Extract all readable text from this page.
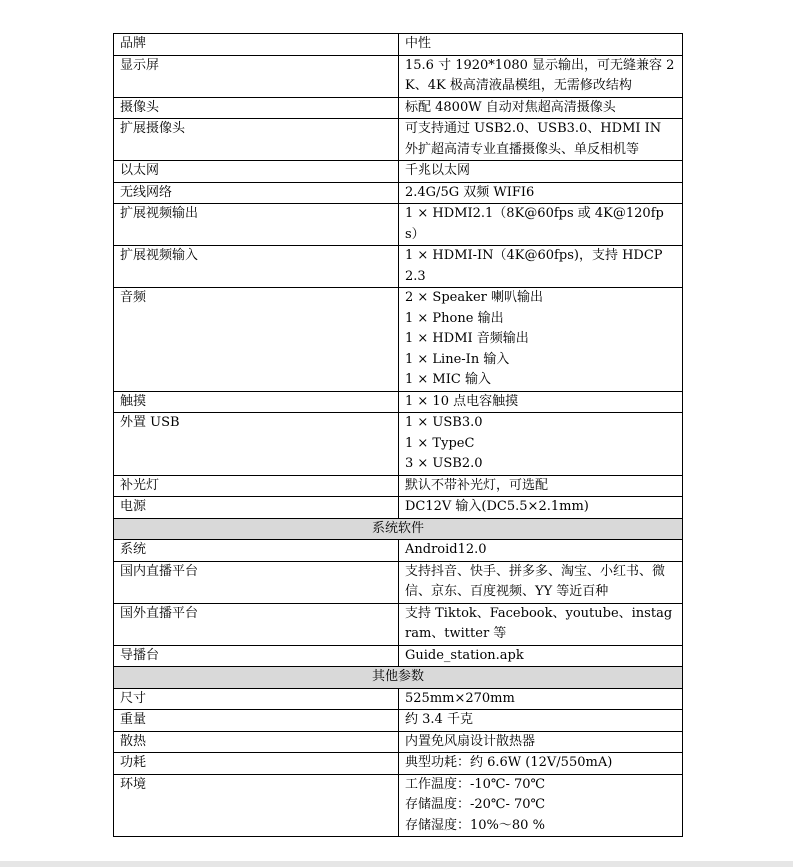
品牌	中性

显示屏	15.6 寸 1920*1080 显示输出，可无缝兼容 2K、4K 极高清液晶模组，无需修改结构

摄像头	标配 4800W 自动对焦超高清摄像头

扩展摄像头	可支持通过 USB2.0、USB3.0、HDMI IN 外扩超高清专业直播摄像头、单反相机等

以太网	千兆以太网

无线网络	2.4G/5G 双频 WIFI6

扩展视频输出	1 × HDMI2.1（8K@60fps 或 4K@120fps）

扩展视频输入	1 × HDMI-IN（4K@60fps)，支持 HDCP 2.3

音频	2 × Speaker 喇叭输出
1 × Phone 输出
1 × HDMI 音频输出
1 × Line-In 输入
1 × MIC 输入

触摸	1 × 10 点电容触摸

外置 USB	1 × USB3.0
1 × TypeC
3 × USB2.0

补光灯	默认不带补光灯，可选配

电源	DC12V 输入(DC5.5×2.1mm)

系统软件	
系统	Android12.0

国内直播平台	支持抖音、快手、拼多多、淘宝、小红书、微信、京东、百度视频、YY 等近百种

国外直播平台	支持 Tiktok、Facebook、youtube、instagram、twitter 等

导播台	Guide_station.apk

其他参数	
尺寸	525mm×270mm

重量	约 3.4 千克

散热	内置免风扇设计散热器

功耗	典型功耗：约 6.6W (12V/550mA)

环境	工作温度：-10℃- 70℃
存储温度：-20℃- 70℃
存储湿度：10%～80 %
